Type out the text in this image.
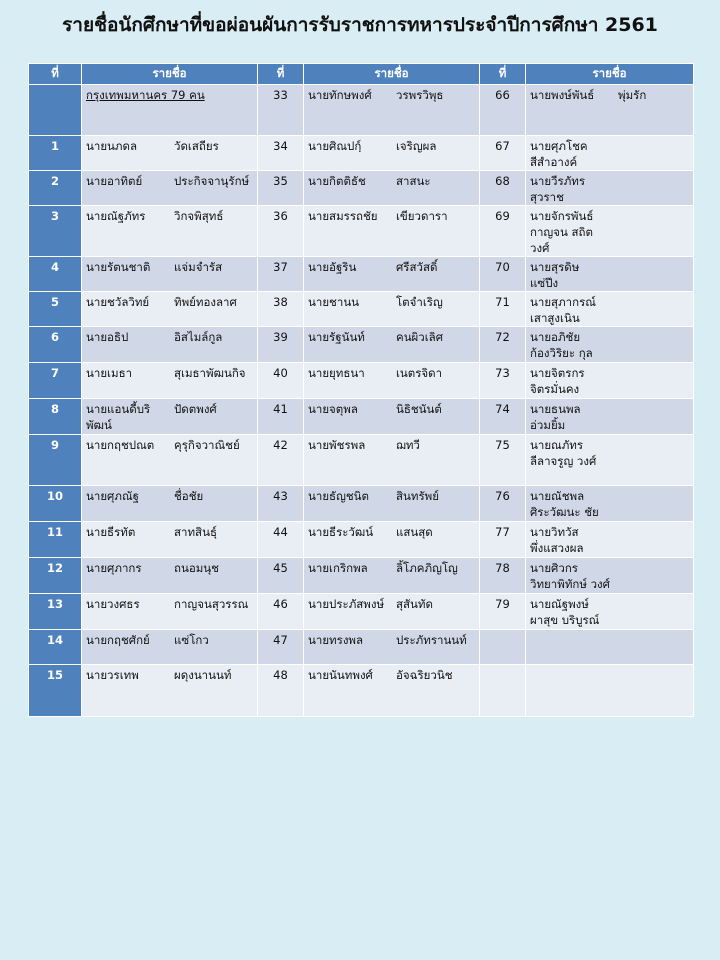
รายชื่อนักศึกษาที่ขอผ่อนผันการรับราชการทหารประจำปีการศึกษา 2561
ที่	รายชื่อ	ที่	รายชื่อ	ที่	รายชื่อ
	กรุงเทพมหานคร 79 คน	33	นายทักษพงศ์ วรพรวิพุธ	66	นายพงษ์พันธ์ พุ่มรัก
1	นายนภดล วัดเสถียร	34	นายศิณปกฺ์ เจริญผล	67	นายศุภโชคสีสำอางค์
2	นายอาทิตย์ ประกิจจานุรักษ์	35	นายกิตติธัช สาสนะ	68	นายวีรภัทรสุวราช
3	นายณัฐภัทร วิกจพิสุทธ์	36	นายสมรรถชัย เขียวดารา	69	นายจักรพันธ์กาญจน สถิตวงศ์
4	นายรัตนชาติ แจ่มจำรัส	37	นายอัฐริน ศรีสวัสดิ์	70	นายสุรดิษแซ่ปึง
5	นายชวัลวิทย์ ทิพย์ทองลาศ	38	นายชานน โตจำเริญ	71	นายสุภากรณ์เสาสูงเนิน
6	นายอธิป อิสไมล์กูล	39	นายรัฐนันท์ คนผิวเลิศ	72	นายอภิชัยก้องวิริยะ กุล
7	นายเมธา สุเมธาพัฒนกิจ	40	นายยุทธนา เนตรจิดา	73	นายจิตรกรจิตรมั่นคง
8	นายแอนดี้บริพัฒน์ปัดตพงศ์	41	นายจตุพล นิธิชนันต์	74	นายธนพลอ่วมยิ้ม
9	นายกฤชปณต คุรุกิจวาณิชย์	42	นายพัชรพล ฌทวี	75	นายณภัทรลีลาจรูญ วงศ์
10	นายศุภณัฐ ชื่อชัย	43	นายธัญชนิต สินทรัพย์	76	นายณัชพลศิระวัฒนะ ชัย
11	นายธีรทัต สาทสินธุ์	44	นายธีระวัฒน์ แสนสุด	77	นายวิทวัสพึ่งแสวงผล
12	นายศุภากร ถนอมนุช	45	นายเกริกพล ลิ้โภคภิญโญ	78	นายศิวกรวิทยาพิทักษ์ วงศ์
13	นายวงศธร กาญจนสุวรรณ	46	นายประภัสพงษ์ สุสันทัด	79	นายณัฐพงษ์ผาสุข บริบูรณ์
14	นายกฤชศักย์ แซ่โกว	47	นายทรงพล ประภัทรานนท์		
15	นายวรเทพ ผดุงนานนท์	48	นายนันทพงศ์ อัจฉริยวนิช		
